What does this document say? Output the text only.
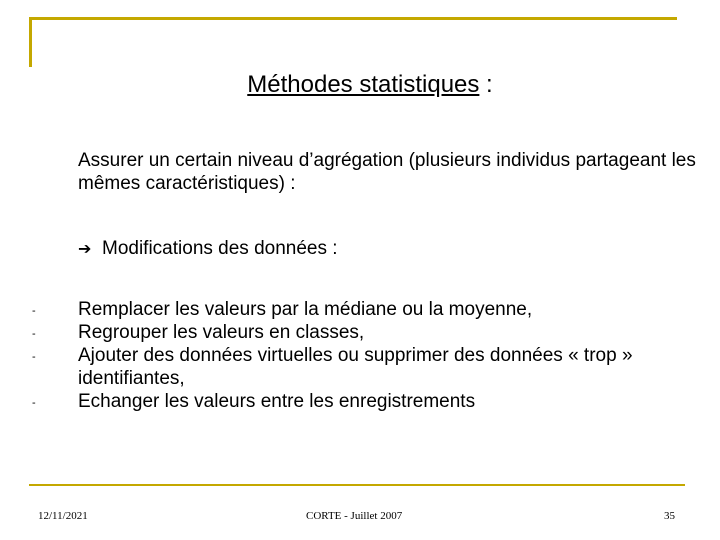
Méthodes statistiques :
Assurer un certain niveau d’agrégation (plusieurs individus partageant les mêmes caractéristiques) :
➔ Modifications des données :
- Remplacer les valeurs par la médiane ou la moyenne,
- Regrouper les valeurs en classes,
- Ajouter des données virtuelles ou supprimer des données « trop » identifiantes,
- Echanger les valeurs entre les enregistrements
12/11/2021	CORTE - Juillet 2007	35
